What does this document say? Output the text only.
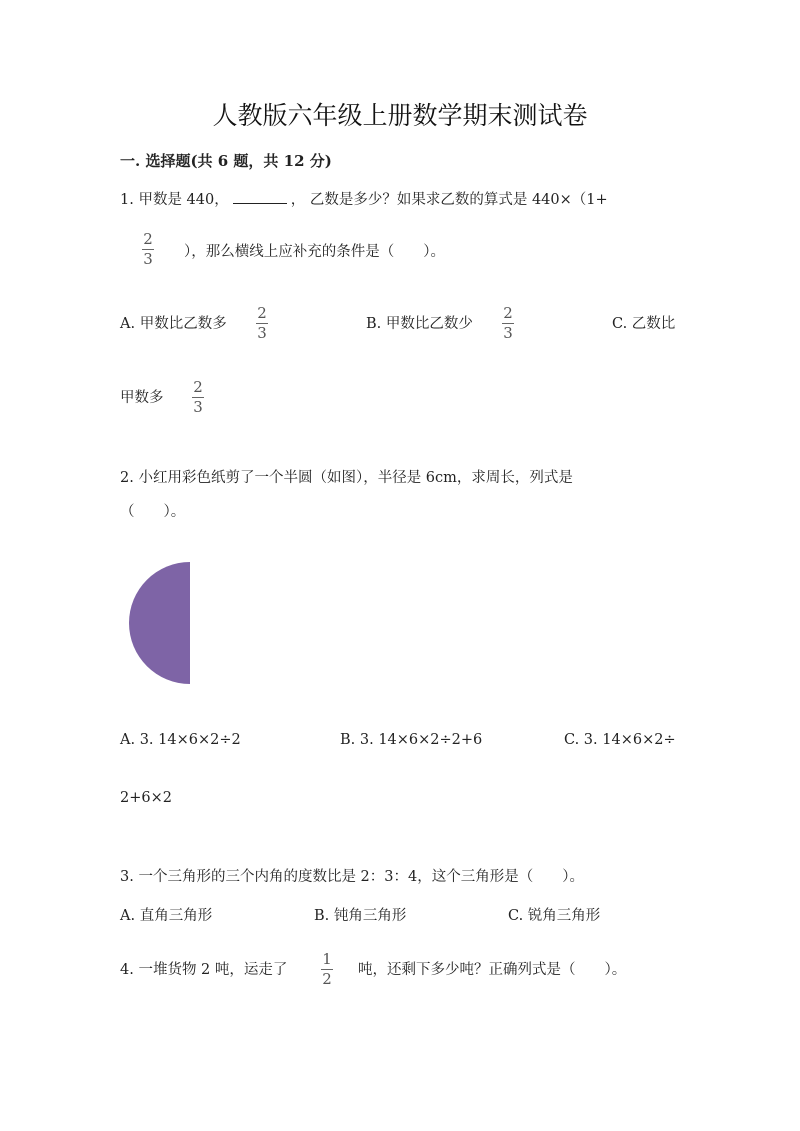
人教版六年级上册数学期末测试卷
一. 选择题(共 6 题，共 12 分)
1. 甲数是 440，	， 乙数是多少？如果求乙数的算式是 440×（1+
2
3 ），那么横线上应补充的条件是（　　）。
A. 甲数比乙数多
2
3	B. 甲数比乙数少
2
3	C. 乙数比
甲数多
2
3
2. 小红用彩色纸剪了一个半圆（如图），半径是 6cm，求周长，列式是
（　　）。
A. 3. 14×6×2÷2	B. 3. 14×6×2÷2+6	C. 3. 14×6×2÷
2+6×2
3. 一个三角形的三个内角的度数比是 2：3：4，这个三角形是（　　）。
A. 直角三角形	B. 钝角三角形	C. 锐角三角形
4. 一堆货物 2 吨，运走了
1
2 吨，还剩下多少吨？正确列式是（　　）。
